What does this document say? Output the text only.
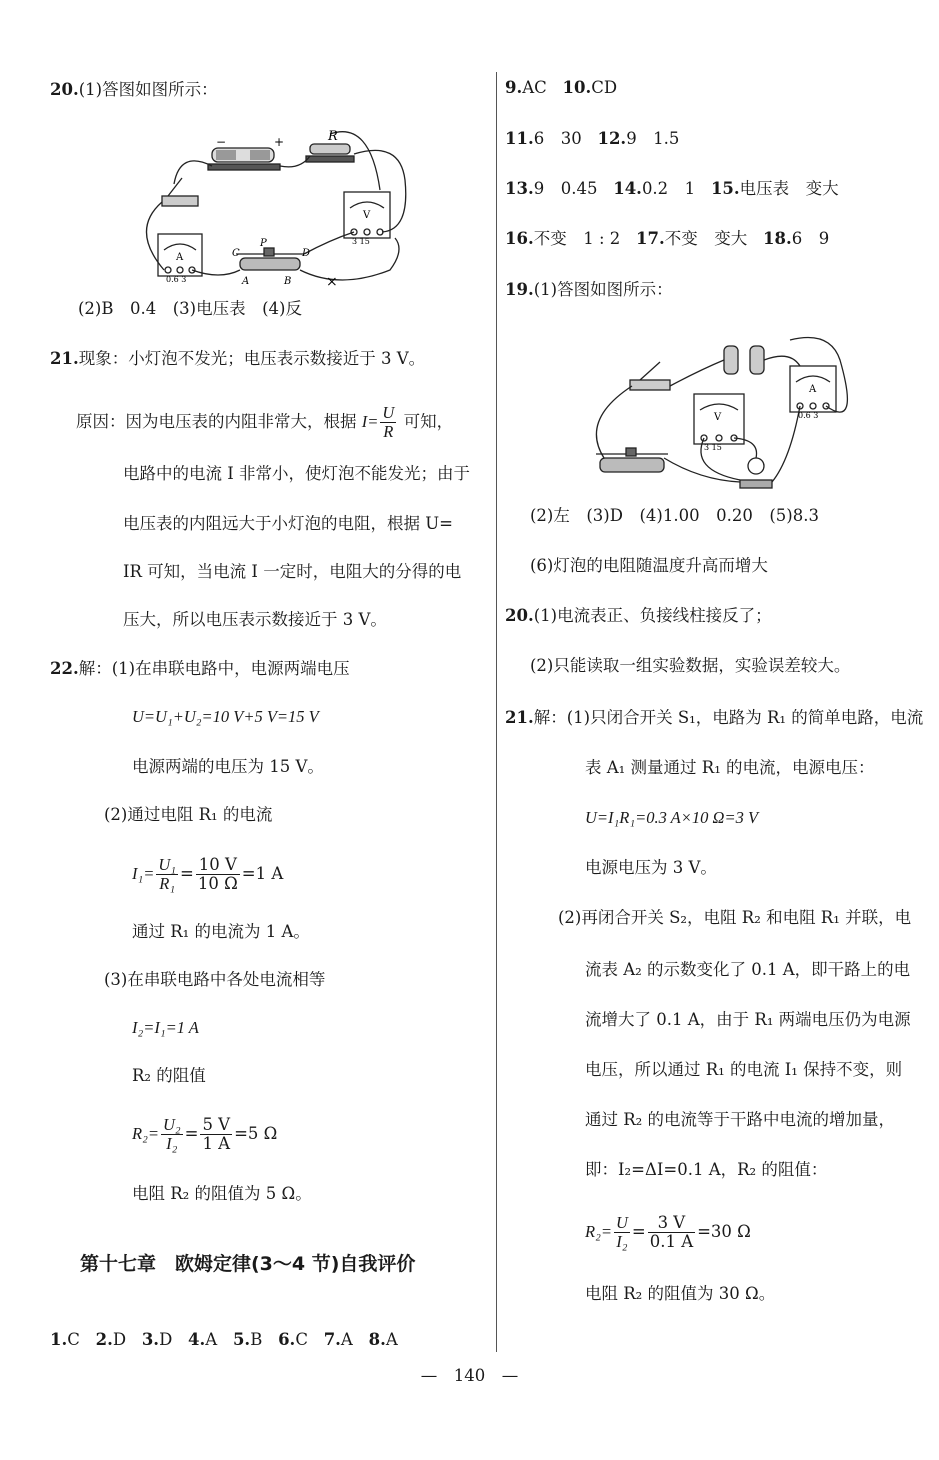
20.(1)答图如图所示：
R
−	+
C
P
D
A	B ×
A
V
0.6 3
3 15
(2)B　0.4　(3)电压表　(4)反
21.现象：小灯泡不发光；电压表示数接近于 3 V。
原因：因为电压表的内阻非常大，根据 $I= \frac{U}{R}$ 可知，
电路中的电流 I 非常小，使灯泡不能发光；由于
电压表的内阻远大于小灯泡的电阻，根据 U=
IR 可知，当电流 I 一定时，电阻大的分得的电
压大，所以电压表示数接近于 3 V。
22.解：(1)在串联电路中，电源两端电压
U=U₁+U₂=10 V+5 V=15 V
电源两端的电压为 15 V。
(2)通过电阻 R₁ 的电流
$I_1= \frac{\text{U₁}}{\text{R₁}} = \frac{10 V}{10 \Omega} =1$ A
通过 R₁ 的电流为 1 A。
(3)在串联电路中各处电流相等
I₂=I₁=1 A
R₂ 的阻值
$R_2= \frac{\text{U₂}}{\text{I₂}} = \frac{5 V}{1 A} =5$ Ω
电阻 R₂ 的阻值为 5 Ω。
第十七章　欧姆定律(3～4 节)自我评价
1.C 2.D 3.D 4.A 5.B 6.C 7.A 8.A
9.AC 10.CD
11.6　30 12.9　1.5
13.9　0.45 14.0.2　1 15.电压表　变大
16.不变　1 : 2 17.不变　变大 18.6　9
19.(1)答图如图所示：
A
V	0.6 3
3 15
(2)左　(3)D　(4)1.00　0.20　(5)8.3
(6)灯泡的电阻随温度升高而增大
20.(1)电流表正、负接线柱接反了；
(2)只能读取一组实验数据，实验误差较大。
21.解：(1)只闭合开关 S₁，电路为 R₁ 的简单电路，电流
表 A₁ 测量通过 R₁ 的电流，电源电压：
U=I₁R₁=0.3 A×10 Ω=3 V
电源电压为 3 V。
(2)再闭合开关 S₂，电阻 R₂ 和电阻 R₁ 并联，电
流表 A₂ 的示数变化了 0.1 A，即干路上的电
流增大了 0.1 A，由于 R₁ 两端电压仍为电源
电压，所以通过 R₁ 的电流 I₁ 保持不变，则
通过 R₂ 的电流等于干路中电流的增加量，
即：I₂=ΔI=0.1 A，R₂ 的阻值：
$R_2= \frac{U}{\text{I₂}} = \frac{3 V}{0.1 A} =30$ Ω
电阻 R₂ 的阻值为 30 Ω。
—　140　—
